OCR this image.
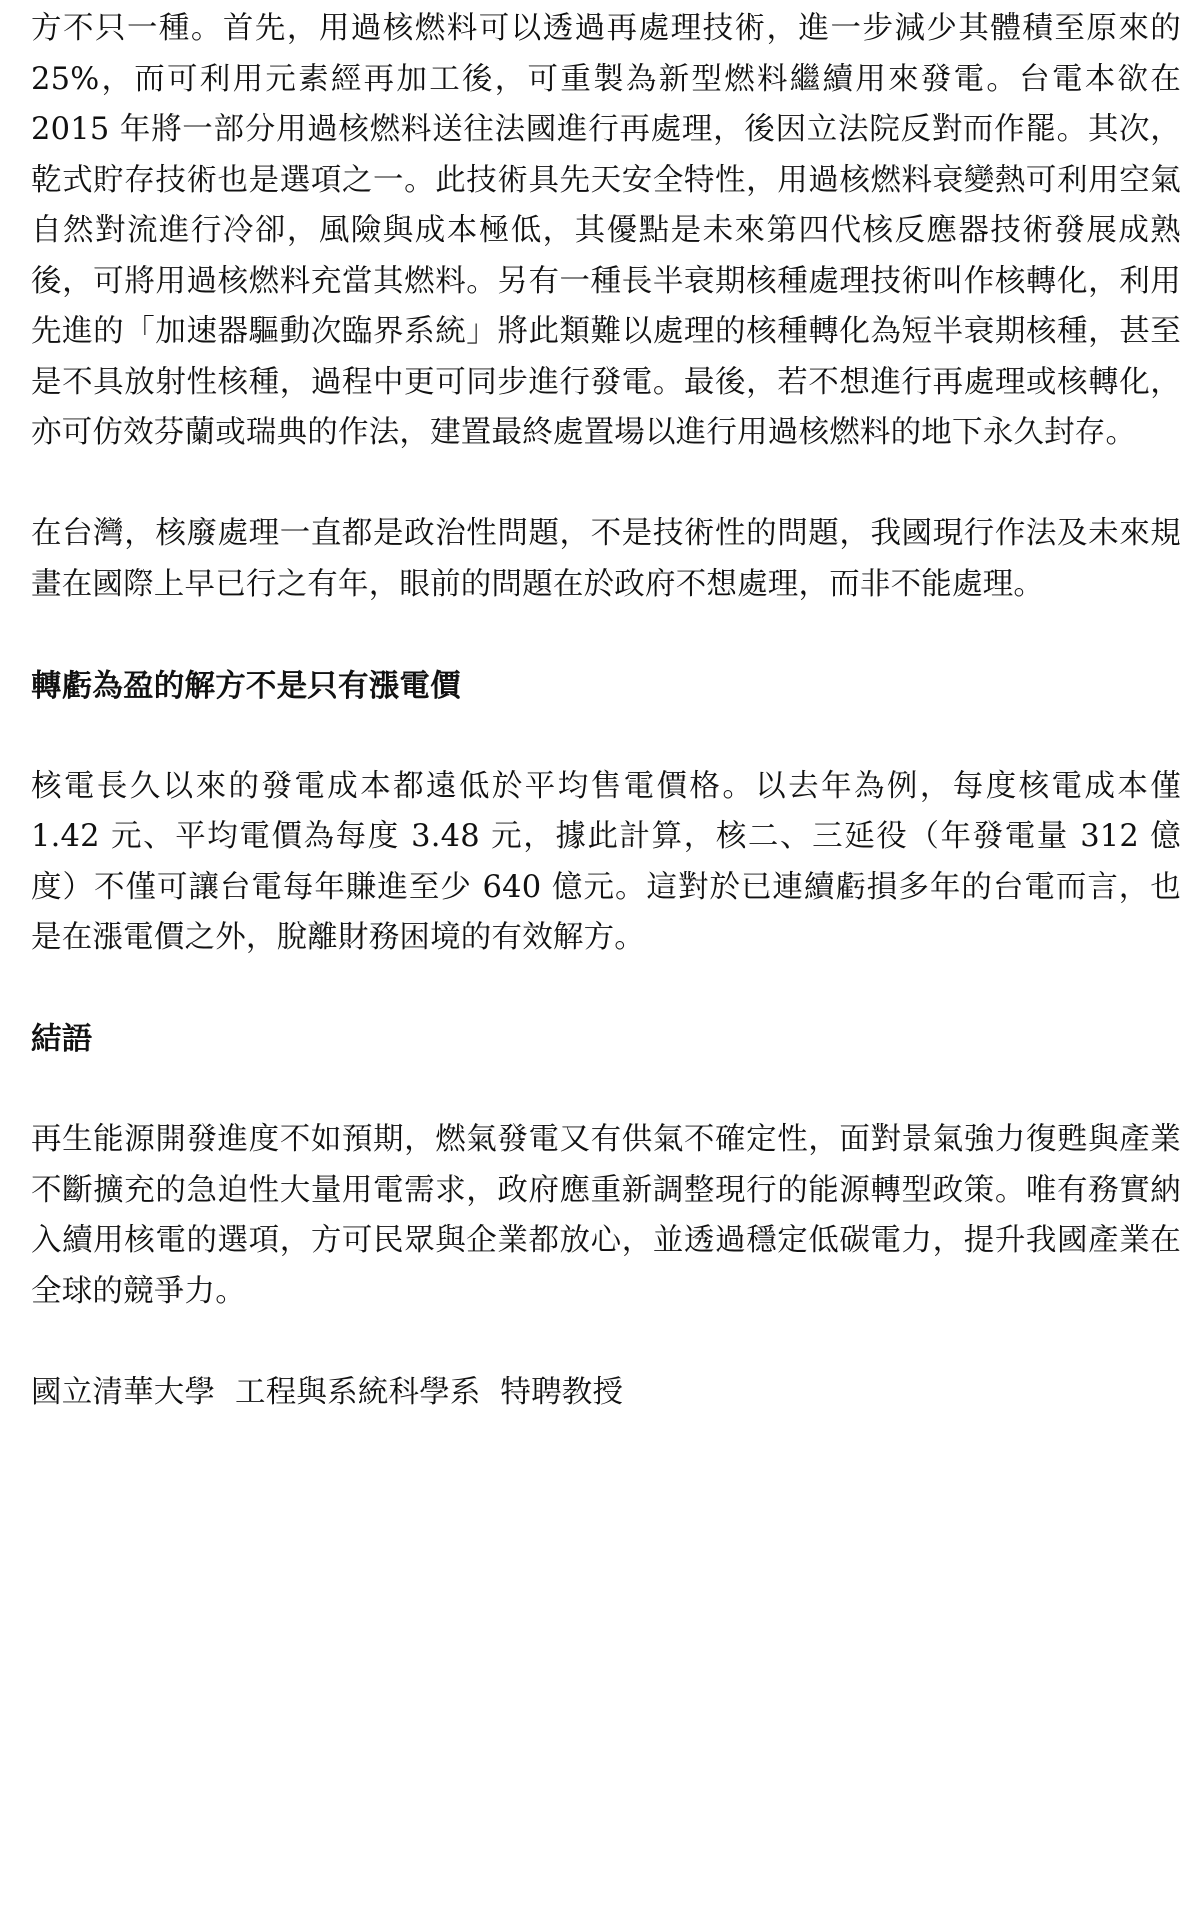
方不只一種。首先，用過核燃料可以透過再處理技術，進一步減少其體積至原來的 25%，而可利用元素經再加工後，可重製為新型燃料繼續用來發電。台電本欲在 2015 年將一部分用過核燃料送往法國進行再處理，後因立法院反對而作罷。其次，乾式貯存技術也是選項之一。此技術具先天安全特性，用過核燃料衰變熱可利用空氣自然對流進行冷卻，風險與成本極低，其優點是未來第四代核反應器技術發展成熟後，可將用過核燃料充當其燃料。另有一種長半衰期核種處理技術叫作核轉化，利用先進的「加速器驅動次臨界系統」將此類難以處理的核種轉化為短半衰期核種，甚至是不具放射性核種，過程中更可同步進行發電。最後，若不想進行再處理或核轉化，亦可仿效芬蘭或瑞典的作法，建置最終處置場以進行用過核燃料的地下永久封存。

在台灣，核廢處理一直都是政治性問題，不是技術性的問題，我國現行作法及未來規畫在國際上早已行之有年，眼前的問題在於政府不想處理，而非不能處理。

轉虧為盈的解方不是只有漲電價

核電長久以來的發電成本都遠低於平均售電價格。以去年為例，每度核電成本僅 1.42 元、平均電價為每度 3.48 元，據此計算，核二、三延役（年發電量 312 億度）不僅可讓台電每年賺進至少 640 億元。這對於已連續虧損多年的台電而言，也是在漲電價之外，脫離財務困境的有效解方。

結語

再生能源開發進度不如預期，燃氣發電又有供氣不確定性，面對景氣強力復甦與產業不斷擴充的急迫性大量用電需求，政府應重新調整現行的能源轉型政策。唯有務實納入續用核電的選項，方可民眾與企業都放心，並透過穩定低碳電力，提升我國產業在全球的競爭力。

國立清華大學  工程與系統科學系  特聘教授
